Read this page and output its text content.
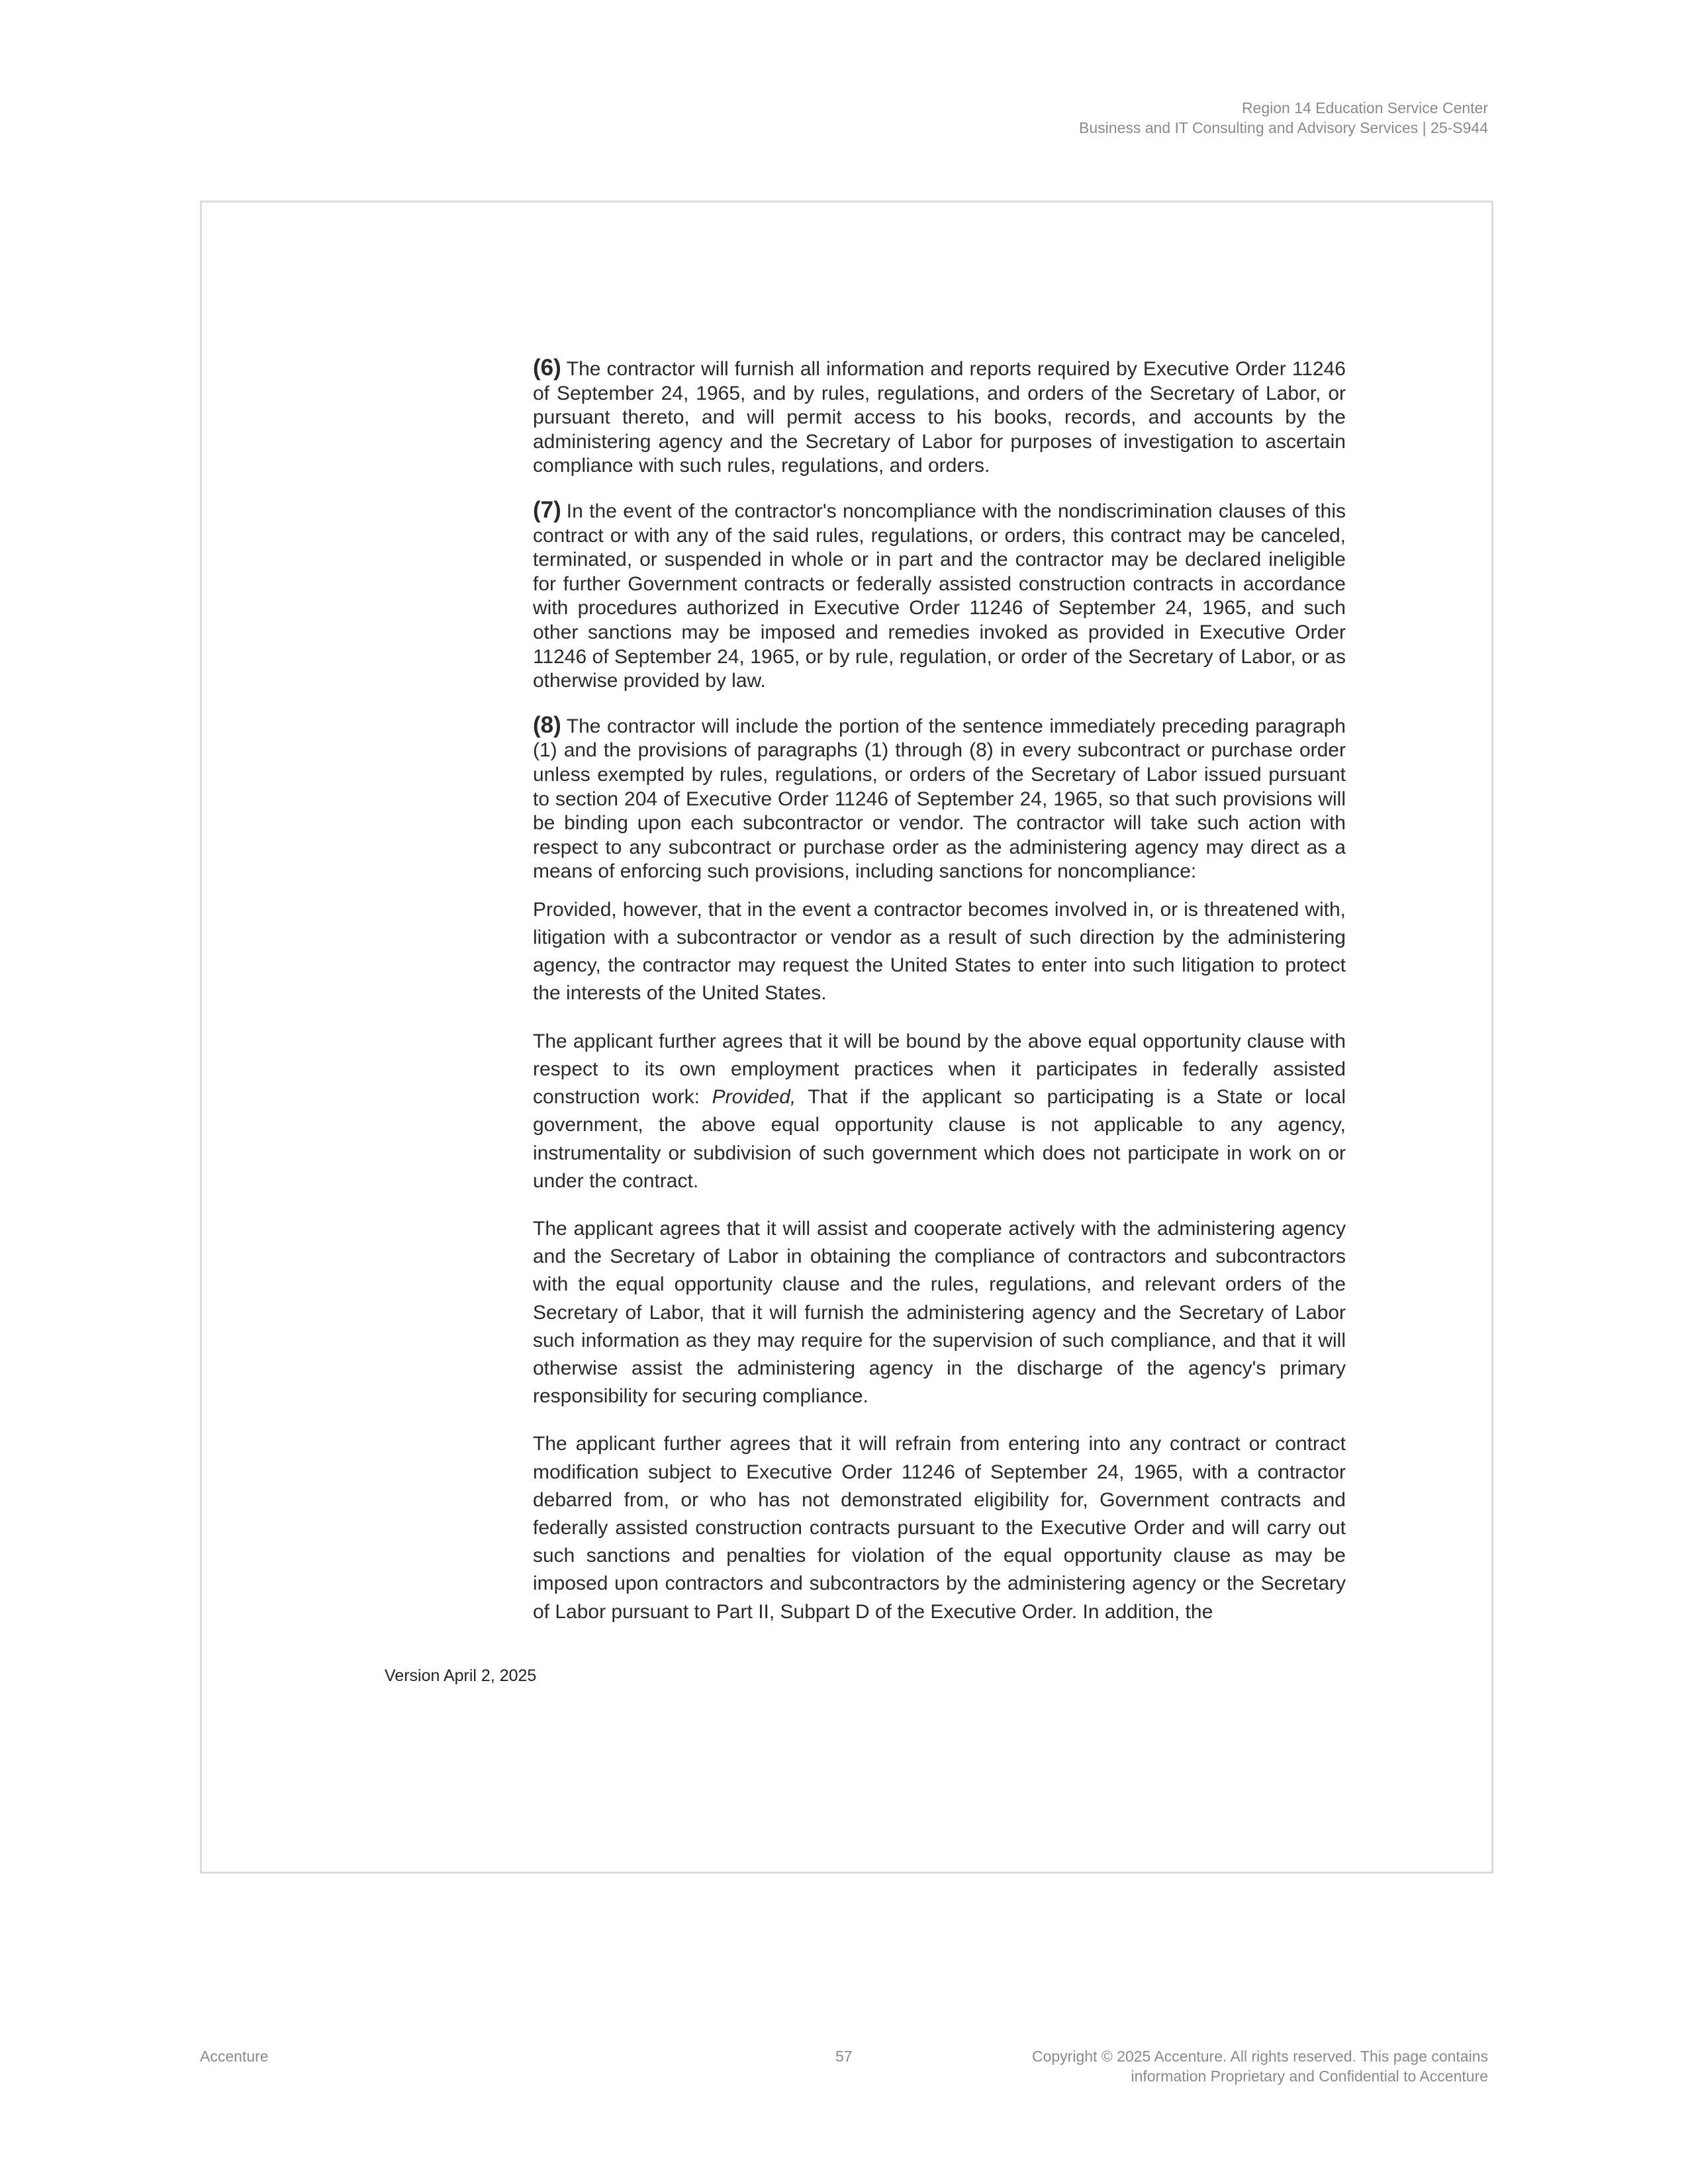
Region 14 Education Service Center
Business and IT Consulting and Advisory Services | 25-S944

(6) The contractor will furnish all information and reports required by Executive Order 11246 of September 24, 1965, and by rules, regulations, and orders of the Secretary of Labor, or pursuant thereto, and will permit access to his books, records, and accounts by the administering agency and the Secretary of Labor for purposes of investigation to ascertain compliance with such rules, regulations, and orders.

(7) In the event of the contractor's noncompliance with the nondiscrimination clauses of this contract or with any of the said rules, regulations, or orders, this contract may be canceled, terminated, or suspended in whole or in part and the contractor may be declared ineligible for further Government contracts or federally assisted construction contracts in accordance with procedures authorized in Executive Order 11246 of September 24, 1965, and such other sanctions may be imposed and remedies invoked as provided in Executive Order 11246 of September 24, 1965, or by rule, regulation, or order of the Secretary of Labor, or as otherwise provided by law.

(8) The contractor will include the portion of the sentence immediately preceding paragraph (1) and the provisions of paragraphs (1) through (8) in every subcontract or purchase order unless exempted by rules, regulations, or orders of the Secretary of Labor issued pursuant to section 204 of Executive Order 11246 of September 24, 1965, so that such provisions will be binding upon each subcontractor or vendor. The contractor will take such action with respect to any subcontract or purchase order as the administering agency may direct as a means of enforcing such provisions, including sanctions for noncompliance:

Provided, however, that in the event a contractor becomes involved in, or is threatened with, litigation with a subcontractor or vendor as a result of such direction by the administering agency, the contractor may request the United States to enter into such litigation to protect the interests of the United States.

The applicant further agrees that it will be bound by the above equal opportunity clause with respect to its own employment practices when it participates in federally assisted construction work: Provided, That if the applicant so participating is a State or local government, the above equal opportunity clause is not applicable to any agency, instrumentality or subdivision of such government which does not participate in work on or under the contract.

The applicant agrees that it will assist and cooperate actively with the administering agency and the Secretary of Labor in obtaining the compliance of contractors and subcontractors with the equal opportunity clause and the rules, regulations, and relevant orders of the Secretary of Labor, that it will furnish the administering agency and the Secretary of Labor such information as they may require for the supervision of such compliance, and that it will otherwise assist the administering agency in the discharge of the agency's primary responsibility for securing compliance.

The applicant further agrees that it will refrain from entering into any contract or contract modification subject to Executive Order 11246 of September 24, 1965, with a contractor debarred from, or who has not demonstrated eligibility for, Government contracts and federally assisted construction contracts pursuant to the Executive Order and will carry out such sanctions and penalties for violation of the equal opportunity clause as may be imposed upon contractors and subcontractors by the administering agency or the Secretary of Labor pursuant to Part II, Subpart D of the Executive Order. In addition, the

Version April 2, 2025
Accenture	57	Copyright © 2025 Accenture. All rights reserved. This page contains
information Proprietary and Confidential to Accenture
